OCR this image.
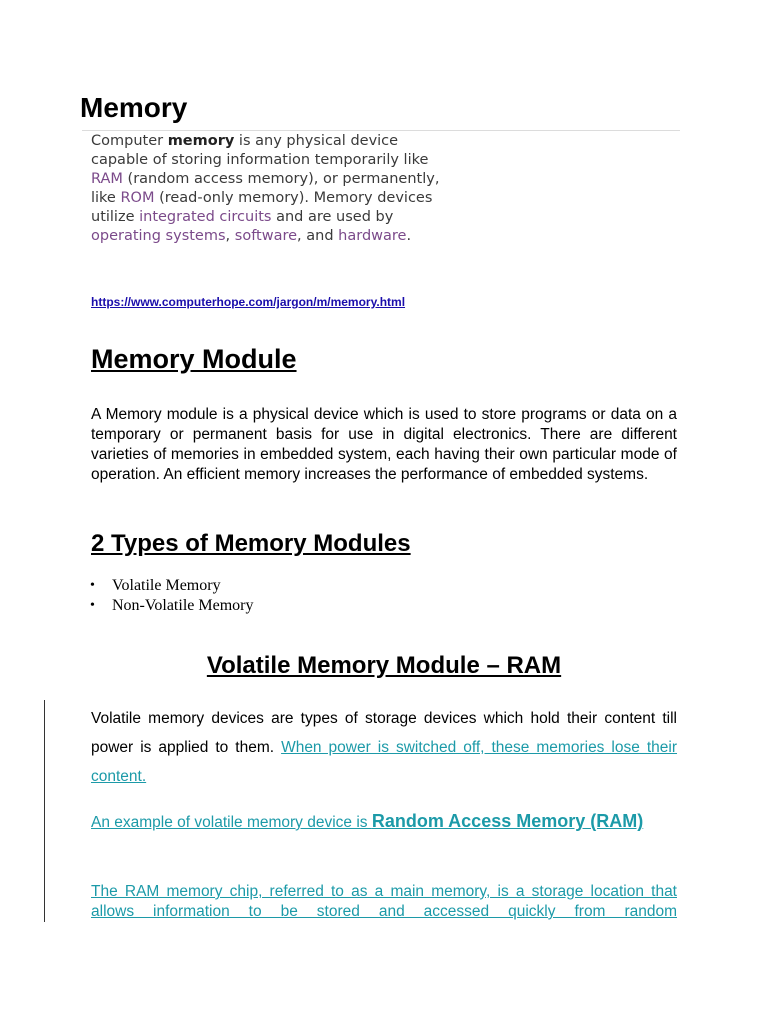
Memory
Computer memory is any physical device capable of storing information temporarily like RAM (random access memory), or permanently, like ROM (read-only memory). Memory devices utilize integrated circuits and are used by operating systems, software, and hardware.
https://www.computerhope.com/jargon/m/memory.html
Memory Module
A Memory module is a physical device which is used to store programs or data on a temporary or permanent basis for use in digital electronics. There are different varieties of memories in embedded system, each having their own particular mode of operation. An efficient memory increases the performance of embedded systems.
2 Types of Memory Modules
• Volatile Memory
• Non-Volatile Memory
Volatile Memory Module – RAM
Volatile memory devices are types of storage devices which hold their content till power is applied to them. When power is switched off, these memories lose their content.
An example of volatile memory device is Random Access Memory (RAM)
The RAM memory chip, referred to as a main memory, is a storage location that allows information to be stored and accessed quickly from random
